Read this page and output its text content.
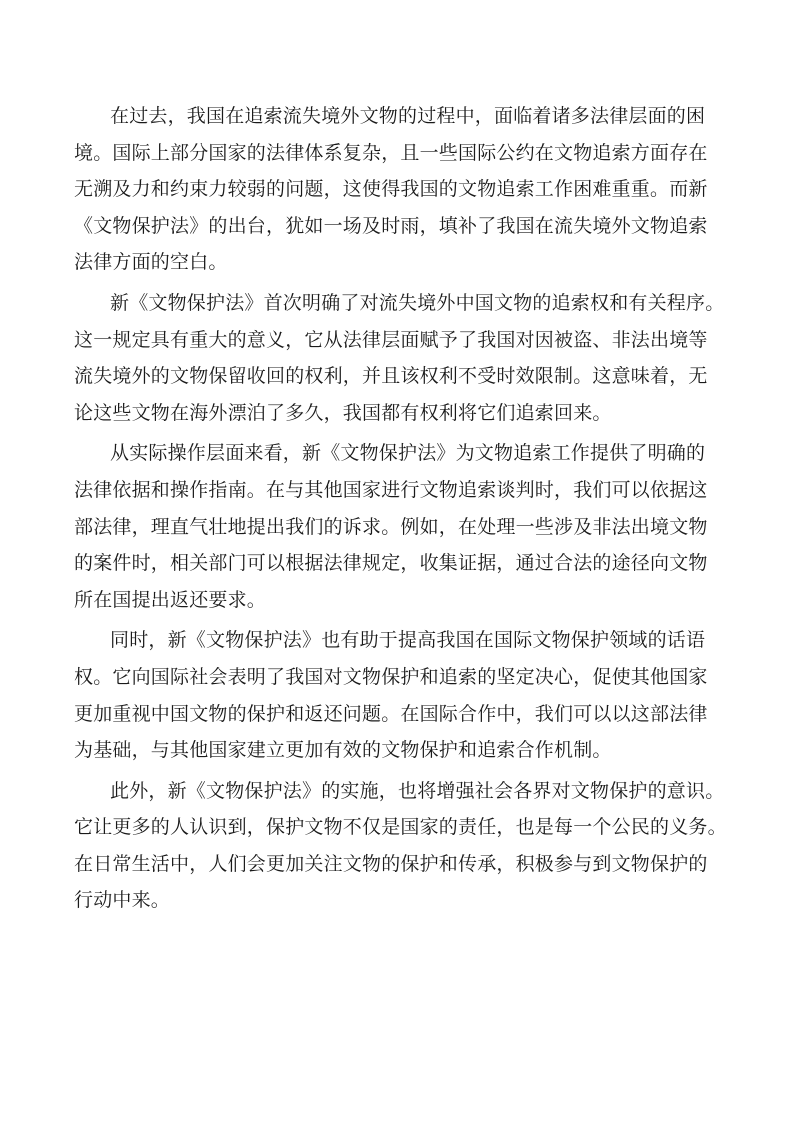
在过去，我国在追索流失境外文物的过程中，面临着诸多法律层面的困
境。国际上部分国家的法律体系复杂，且一些国际公约在文物追索方面存在
无溯及力和约束力较弱的问题，这使得我国的文物追索工作困难重重。而新
《文物保护法》的出台，犹如一场及时雨，填补了我国在流失境外文物追索
法律方面的空白。
新《文物保护法》首次明确了对流失境外中国文物的追索权和有关程序。
这一规定具有重大的意义，它从法律层面赋予了我国对因被盗、非法出境等
流失境外的文物保留收回的权利，并且该权利不受时效限制。这意味着，无
论这些文物在海外漂泊了多久，我国都有权利将它们追索回来。
从实际操作层面来看，新《文物保护法》为文物追索工作提供了明确的
法律依据和操作指南。在与其他国家进行文物追索谈判时，我们可以依据这
部法律，理直气壮地提出我们的诉求。例如，在处理一些涉及非法出境文物
的案件时，相关部门可以根据法律规定，收集证据，通过合法的途径向文物
所在国提出返还要求。
同时，新《文物保护法》也有助于提高我国在国际文物保护领域的话语
权。它向国际社会表明了我国对文物保护和追索的坚定决心，促使其他国家
更加重视中国文物的保护和返还问题。在国际合作中，我们可以以这部法律
为基础，与其他国家建立更加有效的文物保护和追索合作机制。
此外，新《文物保护法》的实施，也将增强社会各界对文物保护的意识。
它让更多的人认识到，保护文物不仅是国家的责任，也是每一个公民的义务。
在日常生活中，人们会更加关注文物的保护和传承，积极参与到文物保护的
行动中来。
